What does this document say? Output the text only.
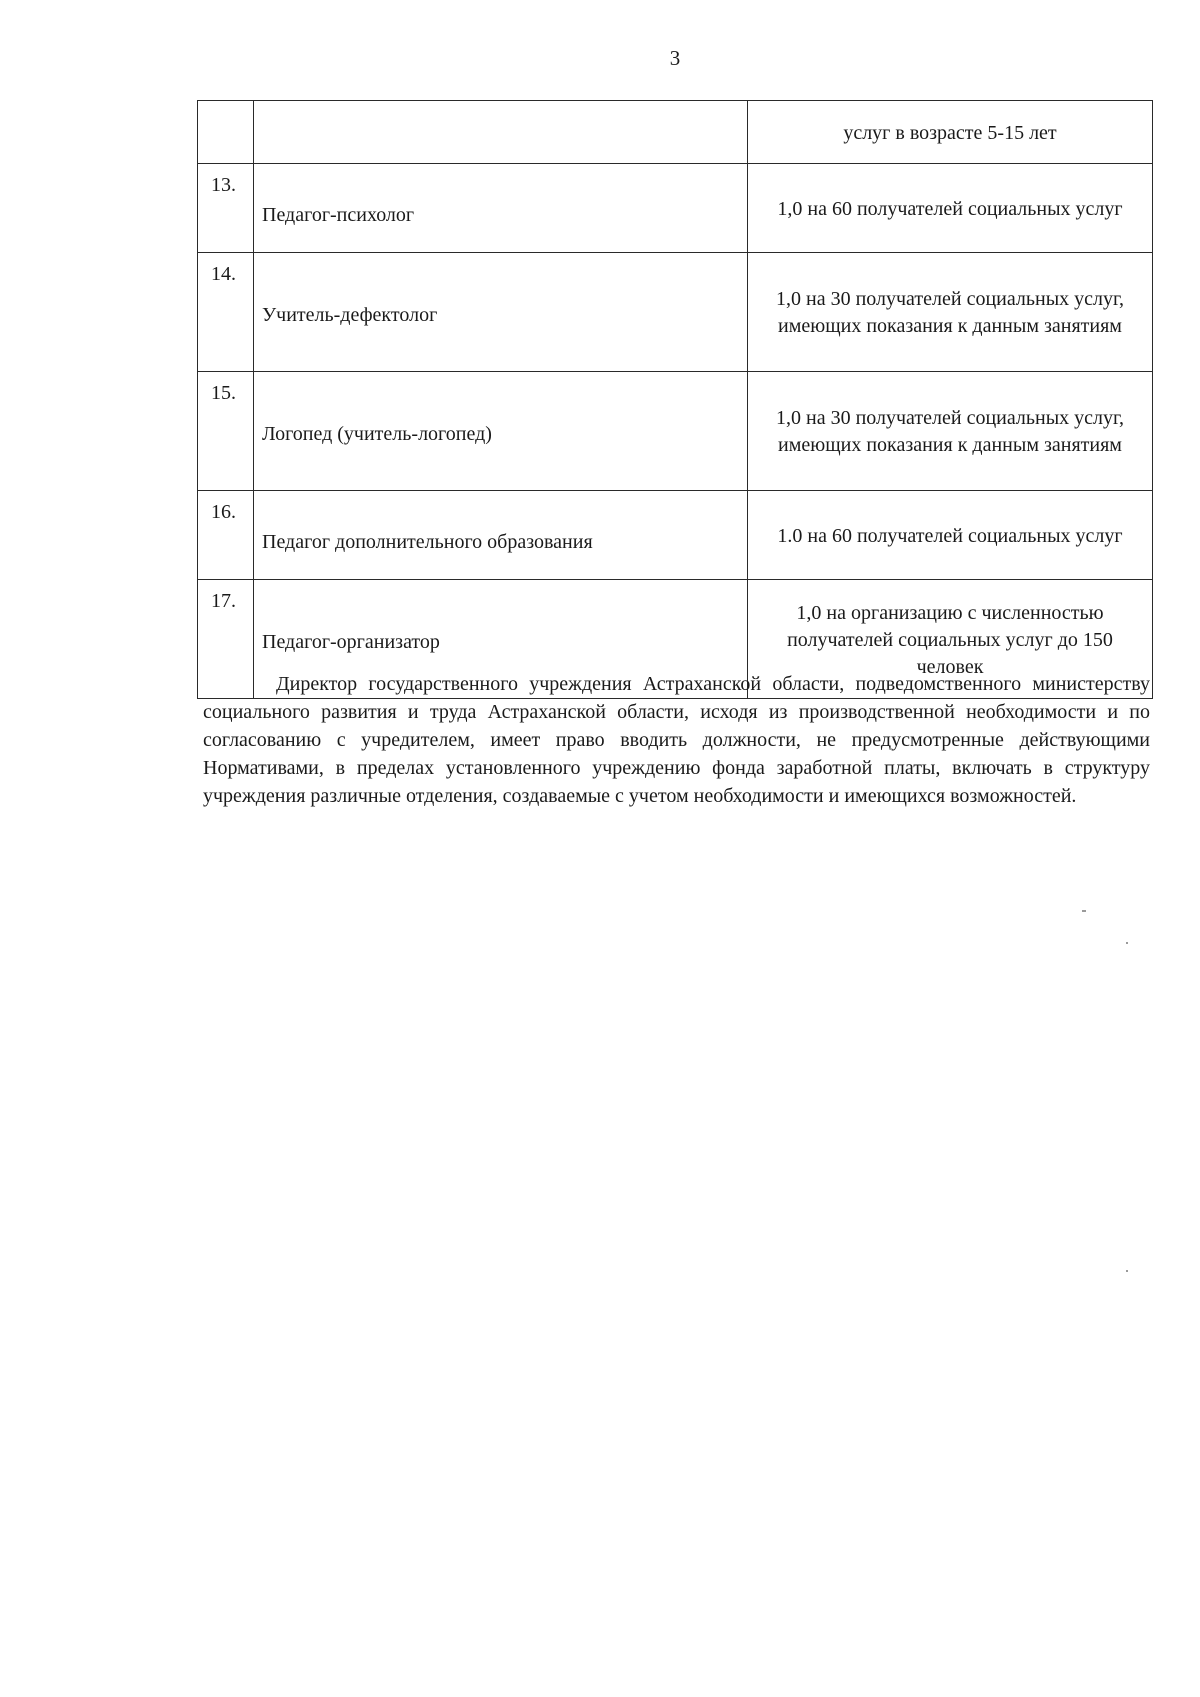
3
		услуг в возрасте 5-15 лет
13.	Педагог-психолог	1,0 на 60 получателей социальных услуг
14.	Учитель-дефектолог	1,0 на 30 получателей социальных услуг, имеющих показания к данным занятиям
15.	Логопед (учитель-логопед)	1,0 на 30 получателей социальных услуг, имеющих показания к данным занятиям
16.	Педагог дополнительного образования	1.0 на 60 получателей социальных услуг
17.	Педагог-организатор	1,0 на организацию с численностью получателей социальных услуг до 150 человек

Директор государственного учреждения Астраханской области, подведомственного министерству социального развития и труда Астраханской области, исходя из производственной необходимости и по согласованию с учредителем, имеет право вводить должности, не предусмотренные действующими Нормативами, в пределах установленного учреждению фонда заработной платы, включать в структуру учреждения различные отделения, создаваемые с учетом необходимости и имеющихся возможностей.
